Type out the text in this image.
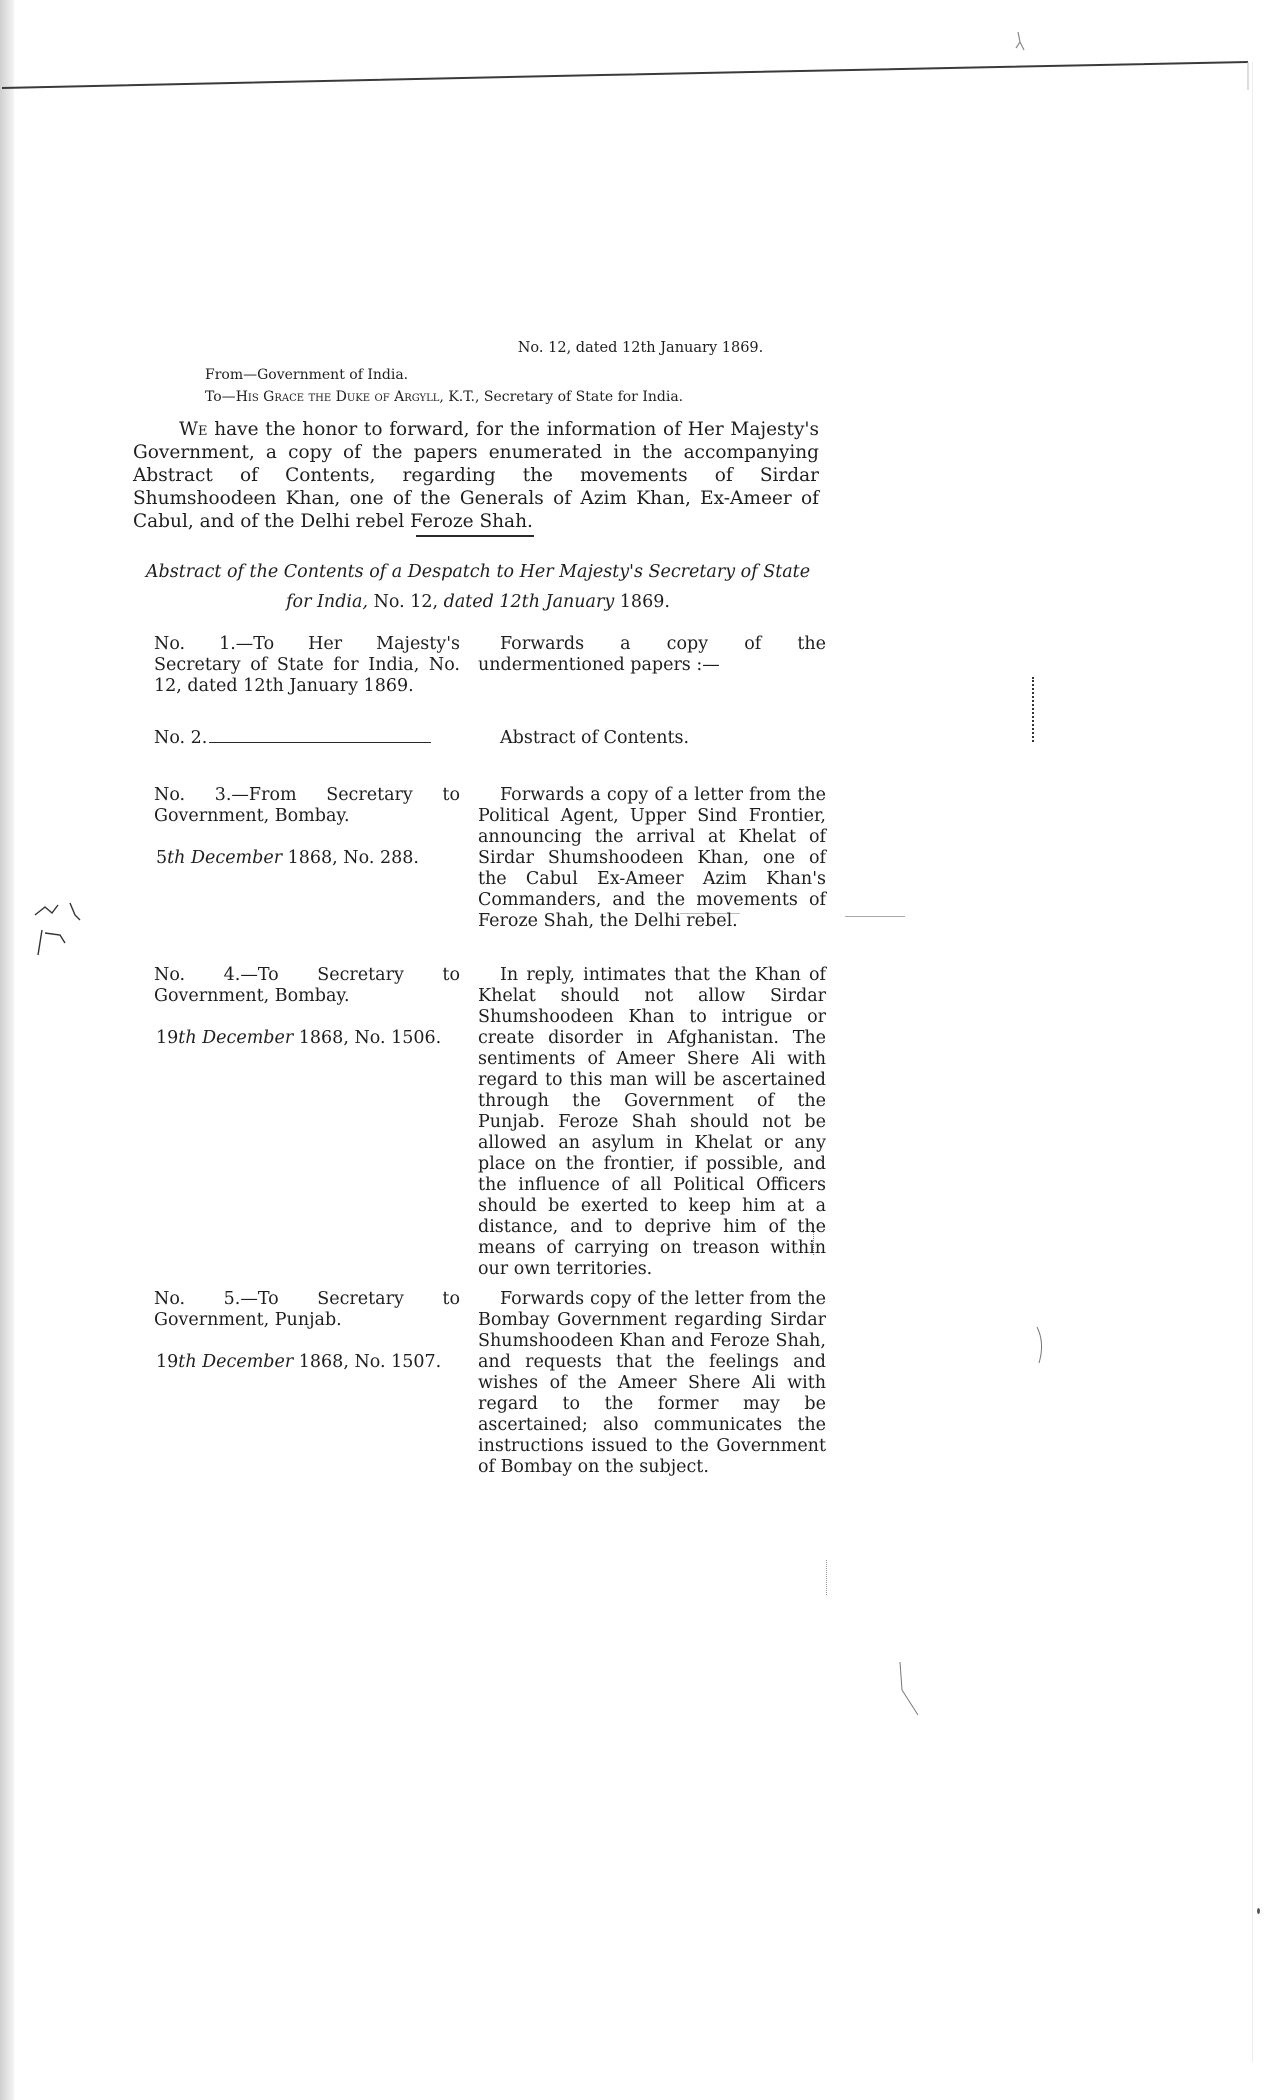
No. 12, dated 12th January 1869.
From—Government of India.
To—His Grace the Duke of Argyll, K.T., Secretary of State for India.
We have the honor to forward, for the information of Her Majesty's Government, a copy of the papers enumerated in the accompanying Abstract of Contents, regarding the movements of Sirdar Shumshoodeen Khan, one of the Generals of Azim Khan, Ex-Ameer of Cabul, and of the Delhi rebel Feroze Shah.
Abstract of the Contents of a Despatch to Her Majesty's Secretary of State
for India, No. 12, dated 12th January 1869.
No. 1.—To Her Majesty's Secretary of State for India, No. 12, dated 12th January 1869.
Forwards a copy of the undermentioned papers :—
No. 2.	Abstract of Contents.
No. 3.—From Secretary to Government, Bombay.
5th December 1868, No. 288.
Forwards a copy of a letter from the Political Agent, Upper Sind Frontier, announcing the arrival at Khelat of Sirdar Shumshoodeen Khan, one of the Cabul Ex-Ameer Azim Khan's Commanders, and the movements of Feroze Shah, the Delhi rebel.
No. 4.—To Secretary to Government, Bombay.
19th December 1868, No. 1506.
In reply, intimates that the Khan of Khelat should not allow Sirdar Shumshoodeen Khan to intrigue or create disorder in Afghanistan. The sentiments of Ameer Shere Ali with regard to this man will be ascertained through the Government of the Punjab. Feroze Shah should not be allowed an asylum in Khelat or any place on the frontier, if possible, and the influence of all Political Officers should be exerted to keep him at a distance, and to deprive him of the means of carrying on treason within our own territories.
No. 5.—To Secretary to Government, Punjab.
19th December 1868, No. 1507.
Forwards copy of the letter from the Bombay Government regarding Sirdar Shumshoodeen Khan and Feroze Shah, and requests that the feelings and wishes of the Ameer Shere Ali with regard to the former may be ascertained; also communicates the instructions issued to the Government of Bombay on the subject.
